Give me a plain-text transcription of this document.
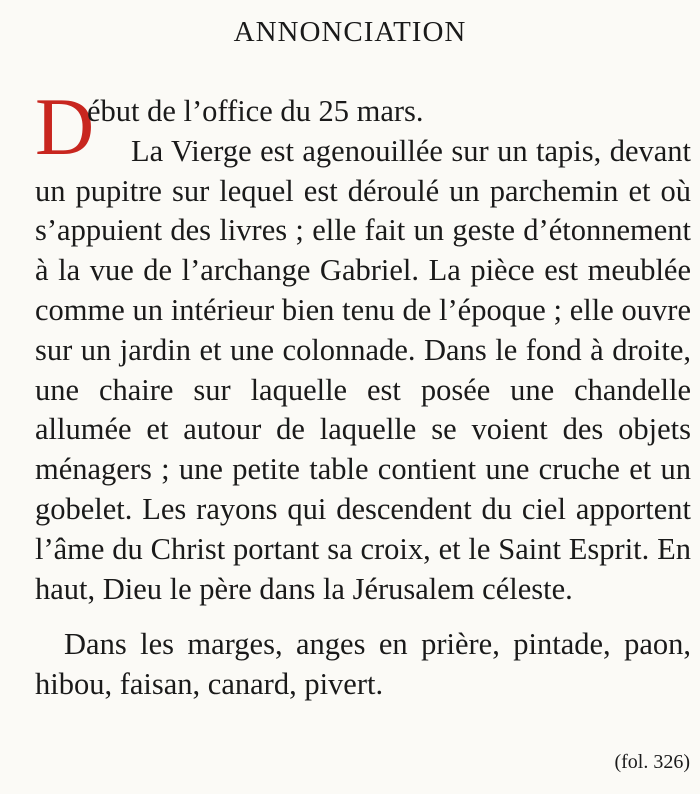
ANNONCIATION
D
ébut de l’office du 25 mars.
La Vierge est agenouillée sur un tapis, devant un pupitre sur lequel est déroulé un parchemin et où s’appuient des livres ; elle fait un geste d’étonnement à la vue de l’archange Gabriel. La pièce est meublée comme un intérieur bien tenu de l’époque ; elle ouvre sur un jardin et une colonnade. Dans le fond à droite, une chaire sur laquelle est posée une chandelle allumée et autour de laquelle se voient des objets ménagers ; une petite table contient une cruche et un gobelet. Les rayons qui descendent du ciel apportent l’âme du Christ portant sa croix, et le Saint Esprit. En haut, Dieu le père dans la Jérusalem céleste.

Dans les marges, anges en prière, pintade, paon, hibou, faisan, canard, pivert.

(fol. 326)
